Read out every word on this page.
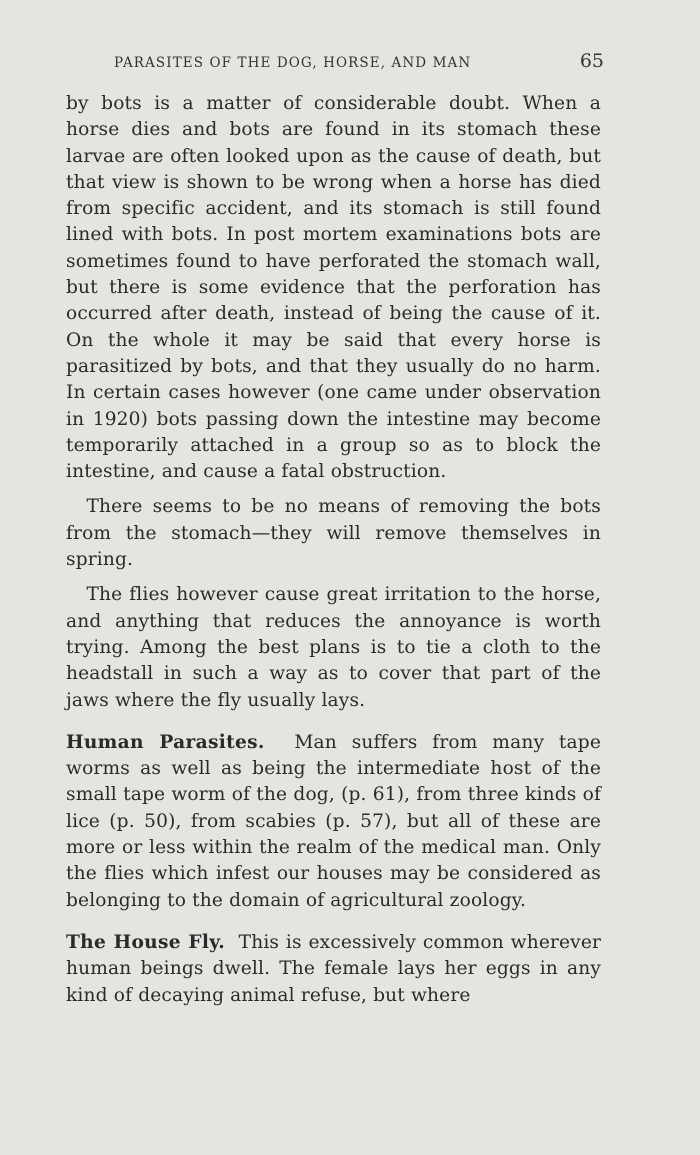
PARASITES OF THE DOG, HORSE, AND MAN	65

by bots is a matter of considerable doubt. When a horse dies and bots are found in its stomach these larvae are often looked upon as the cause of death, but that view is shown to be wrong when a horse has died from specific accident, and its stomach is still found lined with bots. In post mortem examinations bots are sometimes found to have perforated the stomach wall, but there is some evidence that the perforation has occurred after death, instead of being the cause of it. On the whole it may be said that every horse is parasitized by bots, and that they usually do no harm. In certain cases however (one came under observation in 1920) bots passing down the intestine may become temporarily attached in a group so as to block the intestine, and cause a fatal obstruction.

There seems to be no means of removing the bots from the stomach—they will remove themselves in spring.

The flies however cause great irritation to the horse, and anything that reduces the annoyance is worth trying. Among the best plans is to tie a cloth to the headstall in such a way as to cover that part of the jaws where the fly usually lays.

Human Parasites. Man suffers from many tape worms as well as being the intermediate host of the small tape worm of the dog, (p. 61), from three kinds of lice (p. 50), from scabies (p. 57), but all of these are more or less within the realm of the medical man. Only the flies which infest our houses may be considered as belonging to the domain of agricultural zoology.

The House Fly. This is excessively common wherever human beings dwell. The female lays her eggs in any kind of decaying animal refuse, but where
